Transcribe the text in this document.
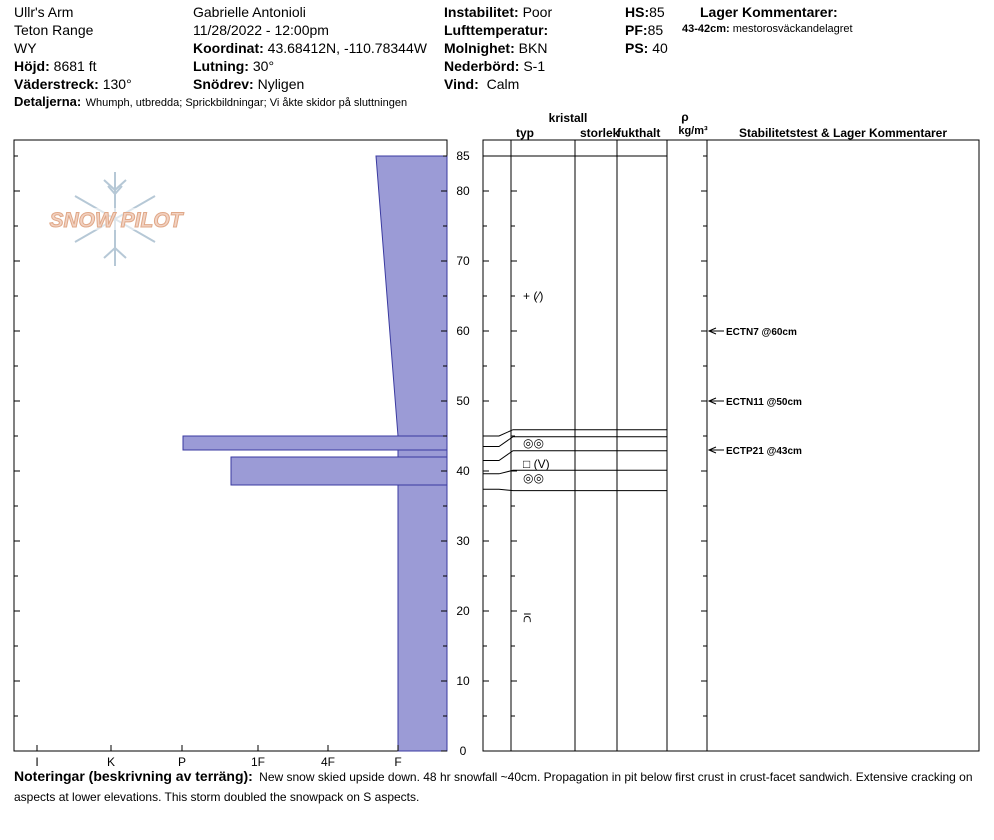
Ullr's Arm
Teton Range
WY
Höjd: 8681 ft
Väderstreck: 130°
Gabrielle Antonioli
11/28/2022 - 12:00pm
Koordinat: 43.68412N, -110.78344W
Lutning: 30°
Snödrev: Nyligen
Instabilitet: Poor
Lufttemperatur:
Molnighet: BKN
Nederbörd: S-1
Vind: Calm
HS:85
PF:85
PS: 40
Lager Kommentarer:
43-42cm: mestorosväckandelagret
Detaljerna: Whumph, utbredda; Sprickbildningar; Vi åkte skidor på sluttningen
SNOW PILOT
I	K	P	1F	4F	F
0
10
20
30
40
50
60
70
80
85
+ (⁄)
◎◎
□ (V)
◎◎
⩃
ECTN7 @60cm
ECTN11 @50cm
ECTP21 @43cm
kristall
typ	storlek
fukthalt
ρ
kg/m³	Stabilitetstest & Lager Kommentarer
Noteringar (beskrivning av terräng): New snow skied upside down. 48 hr snowfall ~40cm. Propagation in pit below first crust in crust-facet sandwich. Extensive cracking on aspects at lower elevations. This storm doubled the snowpack on S aspects.
